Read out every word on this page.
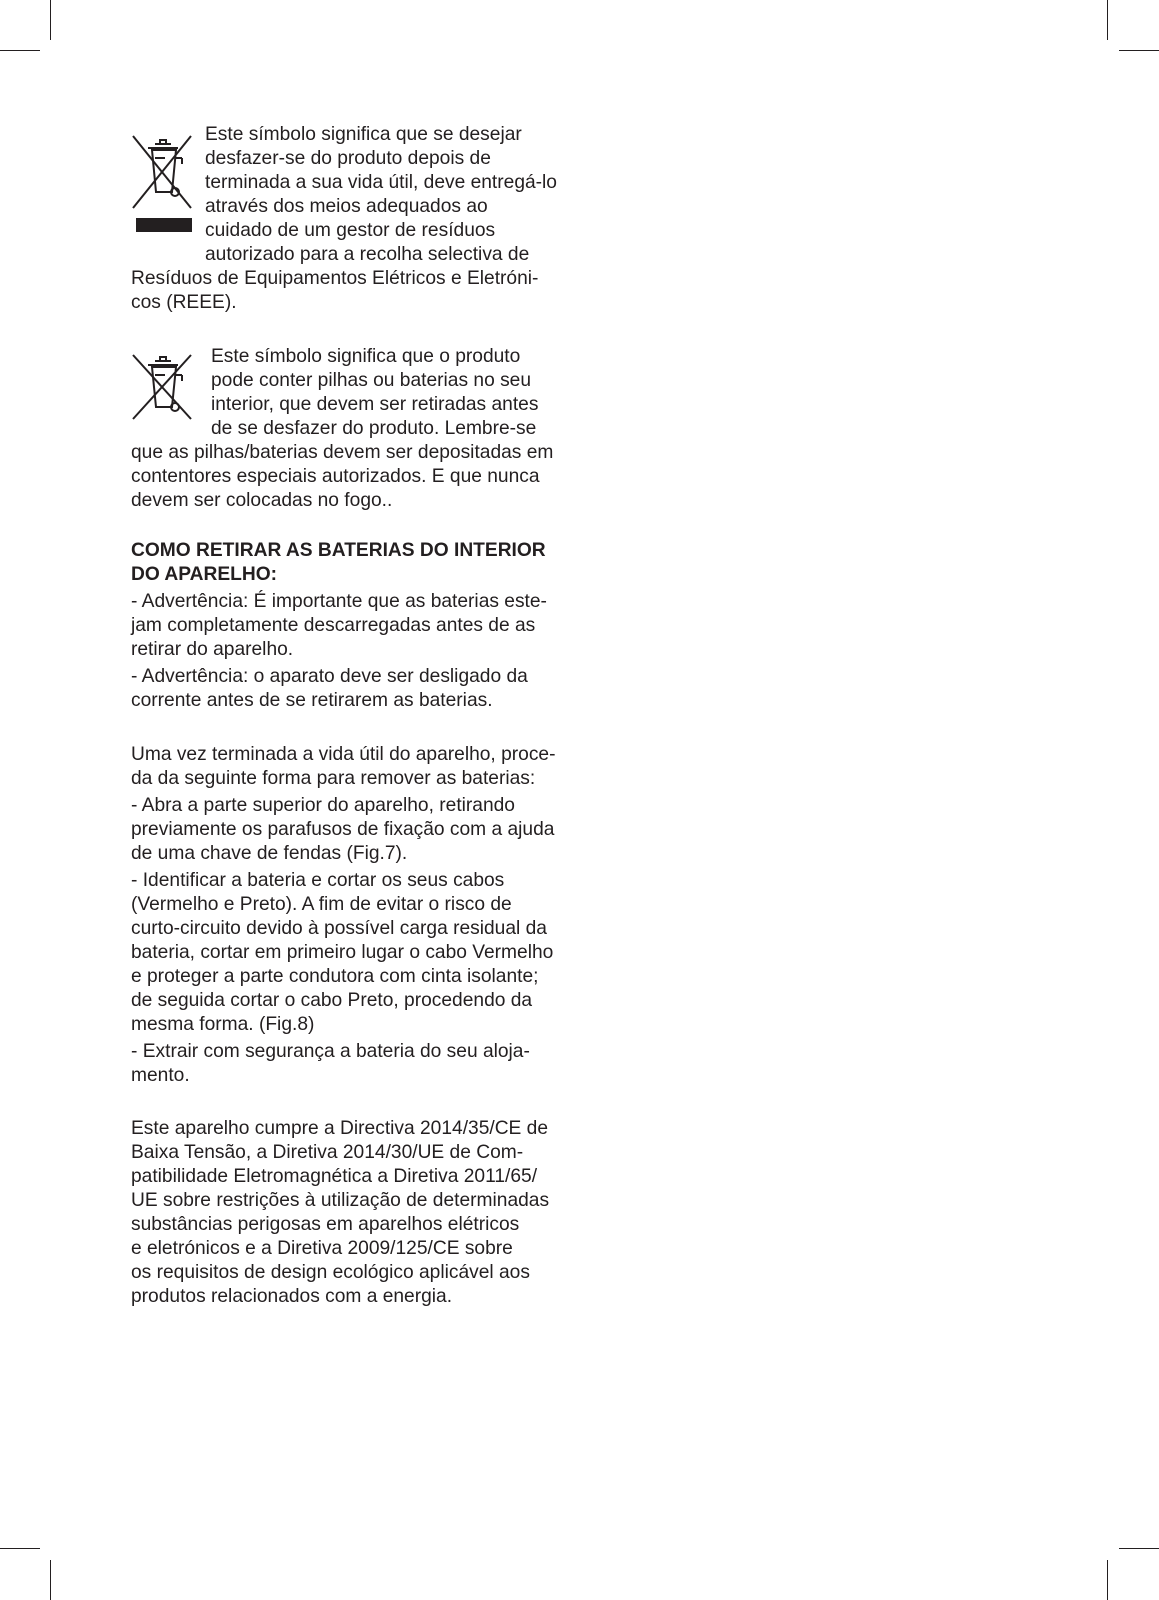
Este símbolo significa que se desejar
desfazer-se do produto depois de
terminada a sua vida útil, deve entregá-lo
através dos meios adequados ao
cuidado de um gestor de resíduos
autorizado para a recolha selectiva de
Resíduos de Equipamentos Elétricos e Eletróni-
cos (REEE).
Este símbolo significa que o produto
pode conter pilhas ou baterias no seu
interior, que devem ser retiradas antes
de se desfazer do produto. Lembre-se
que as pilhas/baterias devem ser depositadas em
contentores especiais autorizados. E que nunca
devem ser colocadas no fogo..
COMO RETIRAR AS BATERIAS DO INTERIOR
DO APARELHO:
- Advertência: É importante que as baterias este-
jam completamente descarregadas antes de as
retirar do aparelho.
- Advertência: o aparato deve ser desligado da
corrente antes de se retirarem as baterias.
Uma vez terminada a vida útil do aparelho, proce-
da da seguinte forma para remover as baterias:
- Abra a parte superior do aparelho, retirando
previamente os parafusos de fixação com a ajuda
de uma chave de fendas (Fig.7).
- Identificar a bateria e cortar os seus cabos
(Vermelho e Preto). A fim de evitar o risco de
curto-circuito devido à possível carga residual da
bateria, cortar em primeiro lugar o cabo Vermelho
e proteger a parte condutora com cinta isolante;
de seguida cortar o cabo Preto, procedendo da
mesma forma. (Fig.8)
- Extrair com segurança a bateria do seu aloja-
mento.
Este aparelho cumpre a Directiva 2014/35/CE de
Baixa Tensão, a Diretiva 2014/30/UE de Com-
patibilidade Eletromagnética a Diretiva 2011/65/
UE sobre restrições à utilização de determinadas
substâncias perigosas em aparelhos elétricos
e eletrónicos e a Diretiva 2009/125/CE sobre
os requisitos de design ecológico aplicável aos
produtos relacionados com a energia.
